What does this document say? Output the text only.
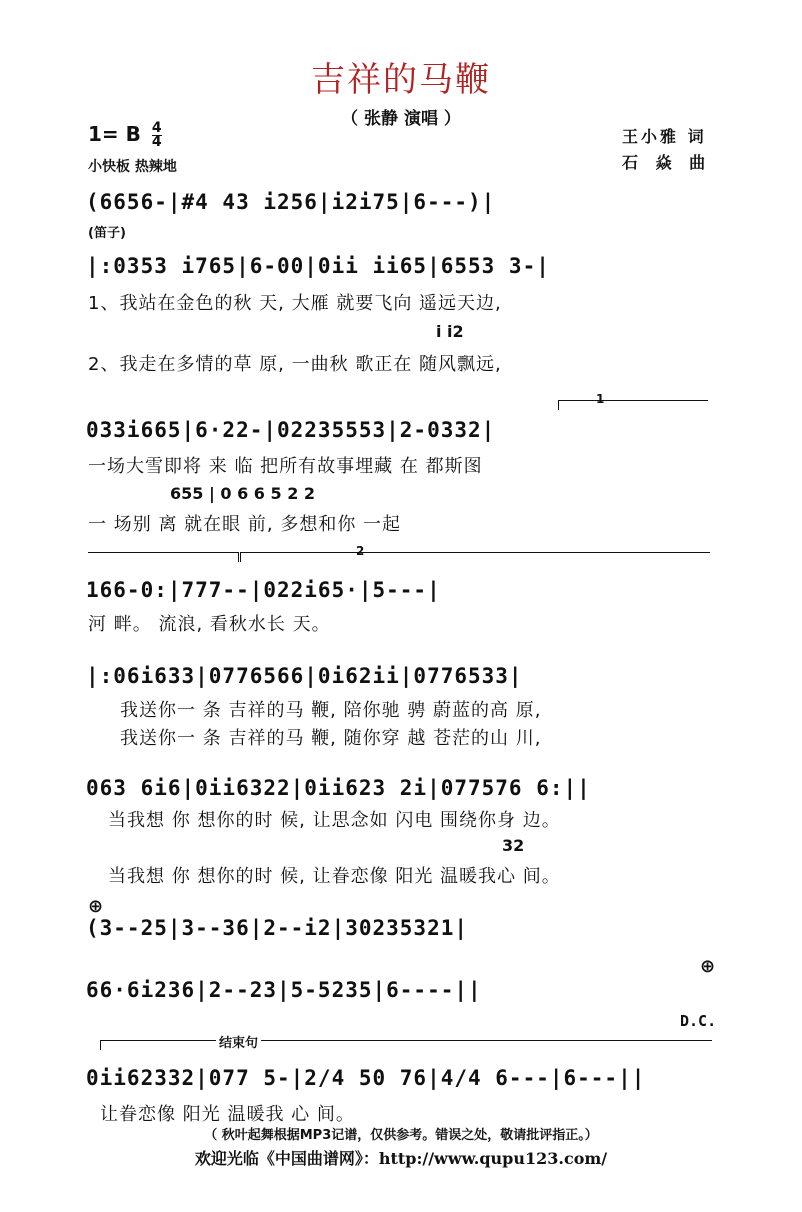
吉祥的马鞭
（ 张静 演唱 ）
1= B $\frac{4}{4}$
小快板 热辣地
王小雅 词
石 焱 曲
(6656-|#4 43 i256|i2i75|6---)|
(笛子)
|:0353 i765|6-00|0ii ii65|6553 3-|
1、我站在金色的秋 天, 大雁 就要飞向 遥远天边,
i i2
2、我走在多情的草 原, 一曲秋 歌正在 随风飘远,
1
033i665|6·22-|02235553|2-0332|
一场大雪即将 来 临 把所有故事埋藏 在 都斯图
655 | 0 6 6 5 2 2
一 场别 离 就在眼 前, 多想和你 一起
2
166-0:|777--|022i65·|5---|
河 畔。 流浪, 看秋水长 天。
|:06i633|0776566|0i62ii|0776533|
我送你一 条 吉祥的马 鞭, 陪你驰 骋 蔚蓝的高 原,
我送你一 条 吉祥的马 鞭, 随你穿 越 苍茫的山 川,
063 6i6|0ii6322|0ii623 2i|077576 6:||
当我想 你 想你的时 候, 让思念如 闪电 围绕你身 边。
32
当我想 你 想你的时 候, 让眷恋像 阳光 温暖我心 间。
⊕
(3--25|3--36|2--i2|30235321|
⊕
66·6i236|2--23|5-5235|6----||
D.C.
结束句
0ii62332|077 5-|2/4 50 76|4/4 6---|6---||
让眷恋像 阳光 温暖我 心 间。
（ 秋叶起舞根据MP3记谱，仅供参考。错误之处，敬请批评指正。）
欢迎光临《中国曲谱网》：http://www.qupu123.com/
